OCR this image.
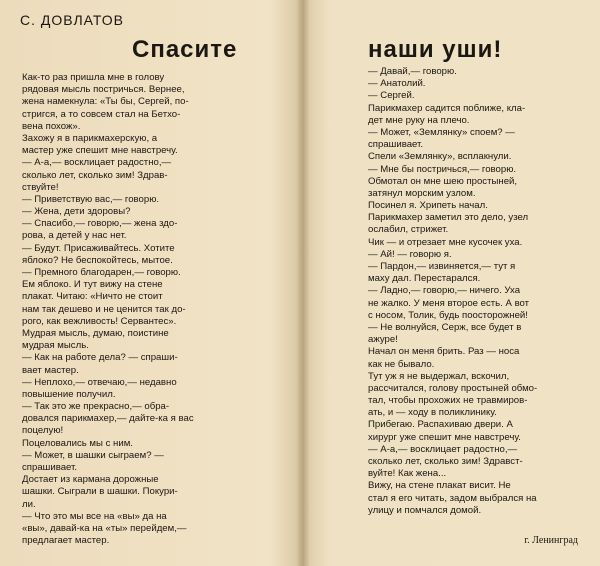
С. ДОВЛАТОВ
Спасите
Как-то раз пришла мне в голову
рядовая мысль постричься. Вернее,
жена намекнула: «Ты бы, Сергей, по-
стригся, а то совсем стал на Бетхо-
вена похож».
Захожу я в парикмахерскую, а
мастер уже спешит мне навстречу.
— А-а,— восклицает радостно,—
сколько лет, сколько зим! Здрав-
ствуйте!
— Приветствую вас,— говорю.
— Жена, дети здоровы?
— Спасибо,— говорю,— жена здо-
рова, а детей у нас нет.
— Будут. Присаживайтесь. Хотите
яблоко? Не беспокойтесь, мытое.
— Премного благодарен,— говорю.
Ем яблоко. И тут вижу на стене
плакат. Читаю: «Ничто не стоит
нам так дешево и не ценится так до-
рого, как вежливость! Сервантес».
Мудрая мысль, думаю, поистине
мудрая мысль.
— Как на работе дела? — спраши-
вает мастер.
— Неплохо,— отвечаю,— недавно
повышение получил.
— Так это же прекрасно,— обра-
довался парикмахер,— дайте-ка я вас
поцелую!
Поцеловались мы с ним.
— Может, в шашки сыграем? —
спрашивает.
Достает из кармана дорожные
шашки. Сыграли в шашки. Покури-
ли.
— Что это мы все на «вы» да на
«вы», давай-ка на «ты» перейдем,—
предлагает мастер.
наши уши!
— Давай,— говорю.
— Анатолий.
— Сергей.
Парикмахер садится поближе, кла-
дет мне руку на плечо.
— Может, «Землянку» споем? —
спрашивает.
Спели «Землянку», всплакнули.
— Мне бы постричься,— говорю.
Обмотал он мне шею простыней,
затянул морским узлом.
Посинел я. Хрипеть начал.
Парикмахер заметил это дело, узел
ослабил, стрижет.
Чик — и отрезает мне кусочек уха.
— Ай! — говорю я.
— Пардон,— извиняется,— тут я
маху дал. Перестарался.
— Ладно,— говорю,— ничего. Уха
не жалко. У меня второе есть. А вот
с носом, Толик, будь поосторожней!
— Не волнуйся, Серж, все будет в
ажуре!
Начал он меня брить. Раз — носа
как не бывало.
Тут уж я не выдержал, вскочил,
рассчитался, голову простыней обмо-
тал, чтобы прохожих не травмиров-
ать, и — ходу в поликлинику.
Прибегаю. Распахиваю двери. А
хирург уже спешит мне навстречу.
— А-а,— восклицает радостно,—
сколько лет, сколько зим! Здравст-
вуйте! Как жена...
Вижу, на стене плакат висит. Не
стал я его читать, задом выбрался на
улицу и помчался домой.
г. Ленинград
